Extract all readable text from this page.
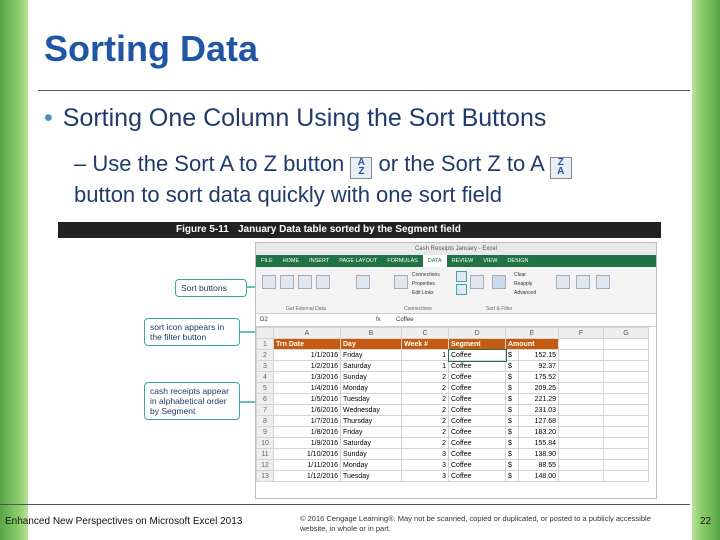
Sorting Data
• Sorting One Column Using the Sort Buttons
– Use the Sort A to Z button A
Z or the Sort Z to A Z
A
button to sort data quickly with one sort field
Figure 5-11 January Data table sorted by the Segment field
Sort buttons
sort icon appears in the filter button
cash receipts appear in alphabetical order by Segment
Cash Receipts January - Excel
FILE	HOME	INSERT	PAGE LAYOUT	FORMULAS	DATA	REVIEW	VIEW	DESIGN
Connections
Properties
Edit Links
Clear
Reapply
Advanced
Get External Data	Connections	Sort & Filter
D2	fx	Coffee
	A	B	C	D	E		F	G
1	Trn Date	Day	Week #	Segment	Amount			
2	1/1/2016	Friday	1	Coffee	$	152.15		
3	1/2/2016	Saturday	1	Coffee	$	92.37		
4	1/3/2016	Sunday	2	Coffee	$	175.52		
5	1/4/2016	Monday	2	Coffee	$	209.25		
6	1/5/2016	Tuesday	2	Coffee	$	221.29		
7	1/6/2016	Wednesday	2	Coffee	$	231.03		
8	1/7/2016	Thursday	2	Coffee	$	127.68		
9	1/8/2016	Friday	2	Coffee	$	183.20		
10	1/9/2016	Saturday	2	Coffee	$	155.84		
11	1/10/2016	Sunday	3	Coffee	$	138.90		
12	1/11/2016	Monday	3	Coffee	$	88.55		
13	1/12/2016	Tuesday	3	Coffee	$	148.00		
Enhanced New Perspectives on Microsoft Excel 2013	© 2016 Cengage Learning®. May not be scanned, copied or duplicated, or posted to a publicly accessible website, in whole or in part.
22
